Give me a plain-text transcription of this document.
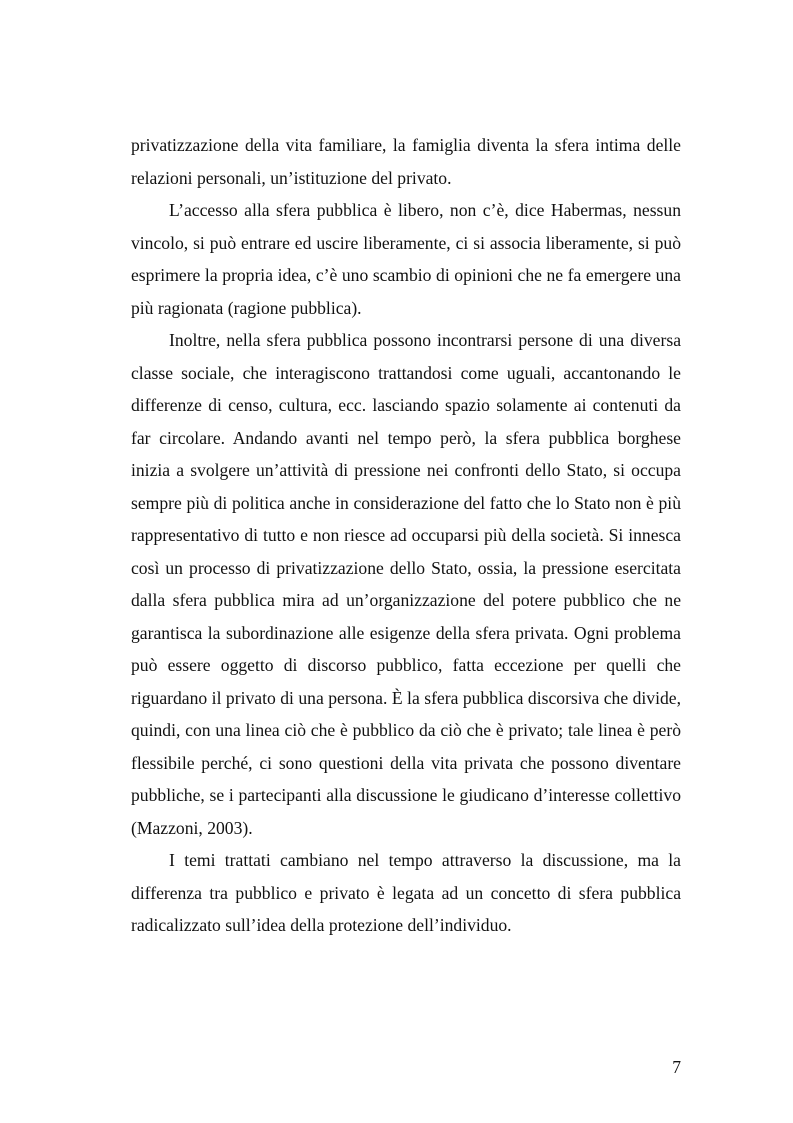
privatizzazione della vita familiare, la famiglia diventa la sfera intima delle relazioni personali, un’istituzione del privato.

L’accesso alla sfera pubblica è libero, non c’è, dice Habermas, nessun vincolo, si può entrare ed uscire liberamente, ci si associa liberamente, si può esprimere la propria idea, c’è uno scambio di opinioni che ne fa emergere una più ragionata (ragione pubblica).

Inoltre, nella sfera pubblica possono incontrarsi persone di una diversa classe sociale, che interagiscono trattandosi come uguali, accantonando le differenze di censo, cultura, ecc. lasciando spazio solamente ai contenuti da far circolare. Andando avanti nel tempo però, la sfera pubblica borghese inizia a svolgere un’attività di pressione nei confronti dello Stato, si occupa sempre più di politica anche in considerazione del fatto che lo Stato non è più rappresentativo di tutto e non riesce ad occuparsi più della società. Si innesca così un processo di privatizzazione dello Stato, ossia, la pressione esercitata dalla sfera pubblica mira ad un’organizzazione del potere pubblico che ne garantisca la subordinazione alle esigenze della sfera privata. Ogni problema può essere oggetto di discorso pubblico, fatta eccezione per quelli che riguardano il privato di una persona. È la sfera pubblica discorsiva che divide, quindi, con una linea ciò che è pubblico da ciò che è privato; tale linea è però flessibile perché, ci sono questioni della vita privata che possono diventare pubbliche, se i partecipanti alla discussione le giudicano d’interesse collettivo (Mazzoni, 2003).

I temi trattati cambiano nel tempo attraverso la discussione, ma la differenza tra pubblico e privato è legata ad un concetto di sfera pubblica radicalizzato sull’idea della protezione dell’individuo.

7
